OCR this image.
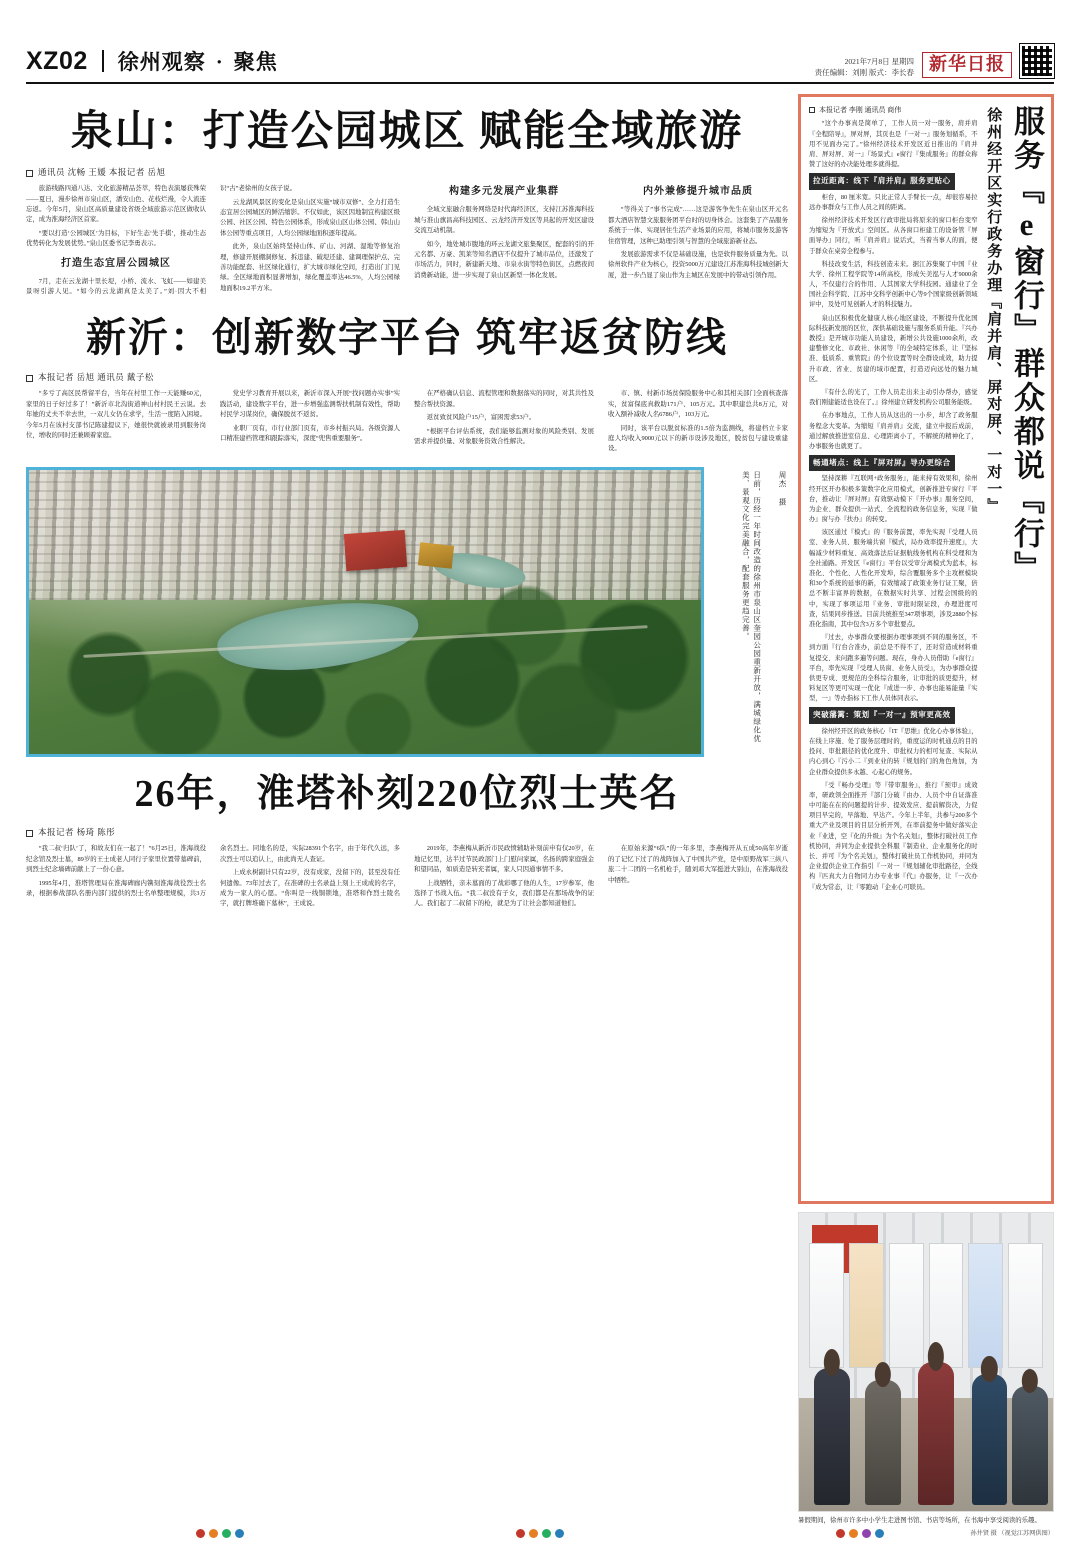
XZ02 徐州观察 · 聚焦	2021年7月8日 星期四
责任编辑：刘刚 版式：李长春 新华日报
泉山：打造公园城区 赋能全域旅游
通讯员 沈畅 王媛 本报记者 岳旭

旅游线路四通八达、文化旅游精品荟萃，特色表演屡获殊荣——夏日，漫步徐州市泉山区，潘安山色、花枝烂漫，令人流连忘返。今年5月，泉山区高质量建设省级全域旅游示范区做收认定，成为淮海经济区首家。

“要以打造‘公园城区’为目标，下好生态‘先手棋’，推动生态优势转化为发展优势。”泉山区委书记李勇表示。

打造生态宜居公园城区

7月，走在云龙湖十里长堤，小桥、流水、飞虹——如建美景呀引游人见。“如今的云龙湖真是太美了。”刘·因大不相识“古”老徐州的女孩子说。

云龙湖风景区的变化是泉山区实施“城市双修”、全力打造生态宜居公园城区的鲜活缩影。不仅如此，该区因地制宜构建区级公园、社区公园、特色公园体系，形成泉山区山体公园、韩山山体公园等重点项目，人均公园绿地面积逐年提高。

此外，泉山区始终坚持山体、矿山、河湖、湿地等修复治理，修建开展棚洞修复、拆违建、破堤还建、建调理保护点、完善功能配套、社区绿化通行，扩大城市绿化空间，打造出门门见绿。全区绿地面积显著增加，绿化覆盖率达46.5%，人均公园绿地面积19.2平方米。

构建多元发展产业集群

全域文旅融合服务网络是时代海经济区，支持江苏淮海科技城与淮山旗昌高科技园区、云龙经济开发区等具起的开发区建设交流互动机制。

如今，地处城市腹地的环云龙湖文旅集聚区，配套的引的开元名都、万豪、凯莱等知名酒店不仅提升了城市品位，还激发了市场活力，同时，新建新天地、市泉水街等特色街区，点燃夜间消费新动能，进一步实现了泉山区新型一体化发展。

内外兼修提升城市品质

“等得关了”事书完成”……这是游客争先生在泉山区开元名都大酒店智慧文旅服务团平台时的切身体会。这套集了产品服务系统于一体、实现居住生活产业场景的应用，将城市服务及游客住宿管理，这种已助理引领与智慧的全域旅游新业态。

发展旅游需求不仅是基础设施，也是软件服务质量为先。以徐州软件产业为核心，投资5000万元建设江苏淮海科技城创新大厦，进一步凸显了泉山作为主城区在发展中的带动引领作用。

新沂：创新数字平台 筑牢返贫防线
本报记者 岳旭 通讯员 戴子松

“多亏了高区民帮留平台，当年在村里工作一天能赚60元，家里的日子好过多了！”新沂市北沟街道神山村村民王云说。去年她的丈夫不幸去世，一双儿女仍在求学，生活一度陷入困境。今年5月在该村支部书记陈建提议下，她很快就被录用到服务岗位，增收的同时还兼顾着家庭。

党史学习教育开展以来，新沂市深入开展“找问题办实事”实践活动，建设数字平台，进一步增强监测帮扶机制有效性，帮助村民学习谋岗位，确保脱贫不返贫。

业职厂页有，市行业部门页有，市乡村振兴局。各级资源人口精准建档管理和跟踪落实，深度“兜售重要服务”。

在严格确认信息、流程管理和数据落实的同时，对其共性及整合帮扶资源。

返贫致贫风险户15户，富困需求53户。

“根据平台评估系统，我们能够监测对象的风险类别、发展需求并提供量、对象服务资效合性解决。

市、镇、村新市场贫保险服务中心和其相关部门全面核查落实，贫富保底真救助171户、105万元。其中职建总共8万元，对收入额补减收人名6786户，103万元。

同时，该平台以脱贫标准的1.5倍为监测线，将建档立卡家庭人均收入9000元以下的新市设涉及地区，脱贫包与建设重建设。

日前，历经一年时间改造的徐州市泉山区奎园公园重新开放，满城绿化优美、景观文化完美融合，配套服务更趋完善。	周杰 摄
26年，淮塔补刻220位烈士英名
本报记者 杨琦 陈彤

“我二叔‘归队’了，和故友们在一起了！”6月25日，淮海战役纪念馆及烈士墓，89岁的王士成老人同行子家里位置带墓碑前，到烈士纪念墙碑前献上了一份心意。

1995年4月，淮塔管理局在淮海碑廊内镌刻淮海战役烈士名录，根据参战部队名册内部门提供的烈士名单整理规模，共3万余名烈士。同地名的是，实际28391个名字，由于年代久远，多次烈士可以追认上，由此尚无人查证。

上成永树副计只有22岁，没有成家，没留下的，甚至没有任何遗像。73年过去了，在准碑的士名录益上刻上王成成的名字，成为一家人的心愿。“你叫是一线铜锁地，准塔和作烈士陵名字，就打牌堆确下墓林”，王成说。

2019年，李燕梅从新沂市民政愤辅助补刻前申有仅20岁，在地记忆里，达半过节民政部门上门慰问家属，名扬的跨家庭强金和望同品，如质造是转充者属，家人只因通事情不多。

上战牺牲，亲未墓面的了战彩哪了他的人生，17岁参军，他选择了书战入伍。“我二叔没有子女，我们都是在那场战争的证人。我们起了二叔留下的枪，就是为了让社会都知道他们。

在原始来源“6队”的一年多里，李燕梅开从五成50高年岁逝的了记忆下过了的战阵加入了中国共产党，是中原野战军三纵八旅二十二团的一名机枪手，随刘邓大军挺进大别山，在淮海战役中牺牲。

服务『e窗行』群众都说『行』
徐州经开区实行政务办理『肩并肩、屏对屏、一对一』

本报记者 李刚 通讯员 商伟

“这个办事真是简单了，工作人员一对一服务，肩并肩『全程陪导』，屏对屏，其页也是『一对一』服务划循系，不用不见面办完了。”徐州经济技术开发区近日推出的『肩并肩、屏对屏、对一』『场景式』e窗行『集成服务』的群众称赞了这好的办决能处理多就得提。

拉近距离：线下『肩并肩』服务更贴心

柜台，80 厘米宽。只比正常人手臂长一点，却很容易拉远办事群众与工作人员之间的距离。

徐州经济技术开发区行政审批局将原来的窗口柜台变窄为缩短为『开放式』空间区。从各窗口柜建工的设备管『屏面导办』同行，听『肩并肩』说话式，当着当事人的面，便于群众在桌旁全程参与。

科技改变生活，科技创造未来。据江苏集聚了中国『业大学、徐州工程学院等14所高校，形成矢美泓与人才9000余人，不仅建行合的作用、人其国家大学科技园。通建业了全国社会科学院、江苏中交科学创新中心等9个国家级创新领域评中，及处可见创新人才的科技魅力。

泉山区积极优化健康人核心地区建设，不断提升优化国际科技新发展的区位，深供基础设施与服务系质升能。『兴办教授』是开城市功能人员建设，新增公共设施1000余所，改建整修文化、市政社、休闲等『的全域特定体系，让『坚标准、低质系、重管院』的个位设置等时全群设成效，助力提升市政、省业、贫建的域市配置，打造迈向远处的魅力城区。

『有什么的光了，工作人员走出来主动引办帮办，感觉我们刚建能适也设在了。』徐州建立研发机构公司服务能级。

在办事地点，工作人员从这出的一小步，却含了政务服务程念大变革。为缩短『肩并肩』交流，建立申报后成前，通过解放推进室信息、心理距离小了，不解统的精神化了，办事服务也就更了。

畅通堵点：线上『屏对屏』导办更综合

坚持深耕『互联网+政务服务』，能来持有效果和，徐州经开区开办积极多策数字化应用模式，创新推进专窗行『平台，推动让『屏对屏』有效驱动模下『开办事』服务空间，为企业、群众提供一站式、全流程的政务信息务，实现『做办』窗与办『扶办』的转变。

该区通过『模式』的『服务前置，率先实现『受理人员室、业务人员、服务端共窗『模式，局办效率提升速度』，大幅减少材料重复、高效落法后证据航线务机构在科受理和为全社通路。开发区『e窗行』平台以受审分离模式为蓝本，标准化、个性化、人性化开发埠，综合覆服务多个主攻框模块和30个系统的延事的新，有效缩减了政策业务行证工聚，倍总不断丰富界的数据，在数据实时共享、过程会国级的的中，实现了事项运用『业务、审批时限证段，办理进度可查，结果同步推送。目前共统推至347项事项，涉及2880个标准化指南，其中包含3万多个审批要点。

『过去，办事群众要根据办理事项到不同的服务区，不到方面『行台合准办，前总是不得不了，还对常造成材料重复提交、来问跑多遍等问题。现在，身办人员借助『e窗行』平台，率先实现『受理人员窗、业务人员受』，为办事群众提供更专成、更规范的全科综合服务，让审批的质更提升，材料复区等更可实现一优化『成进一步、办事也能易能量『实型，一』等办指标下工作人员体同表示。

突破藩篱：策划『一对一』预审更高效

徐州经开区的政务核心『IT『思维』优化心办事体验』，在线上序施、处了服务层理时的，重度运的时机通点的目的投问、审批跟径的优化度升、审批权力的相可复查、实际从内心到心『污小二『到业业的转『规划的门的角色角加，为企业群众提供多永越、心起心的规务。

『受『畅办受理』等『带审服务』，推行『预审』成效率，研政领全面推开『部门分破『由办、人员个中自证落准中可能在在的问题提的计步、提效发应、提前解资决，力促项目早完的，早落地、早达产。今年上半年，共参与200多个重大产业及项目的目层分析开列，在率前提务中做好落实企业『业进，空『化的升级』为个名关划』，整体打破社员工作机协同，并同为企业提供全科服『制造业、企业服务化的时长、并可『为个名关划』，整体打破社员工作机协同，并同为企业提供企业工作指引『一对一『规划辅化审批路径，全线构『匹真大力自物同力办专业事『代』办服务，让『一次办『成为常态，让『零跑动『企业心可联员。

暑假期间，徐州市许多中小学生走进图书馆、书店等场所，在书海中享受阅读的乐趣。
孙井贤 摄 （视觉江苏网供图）
